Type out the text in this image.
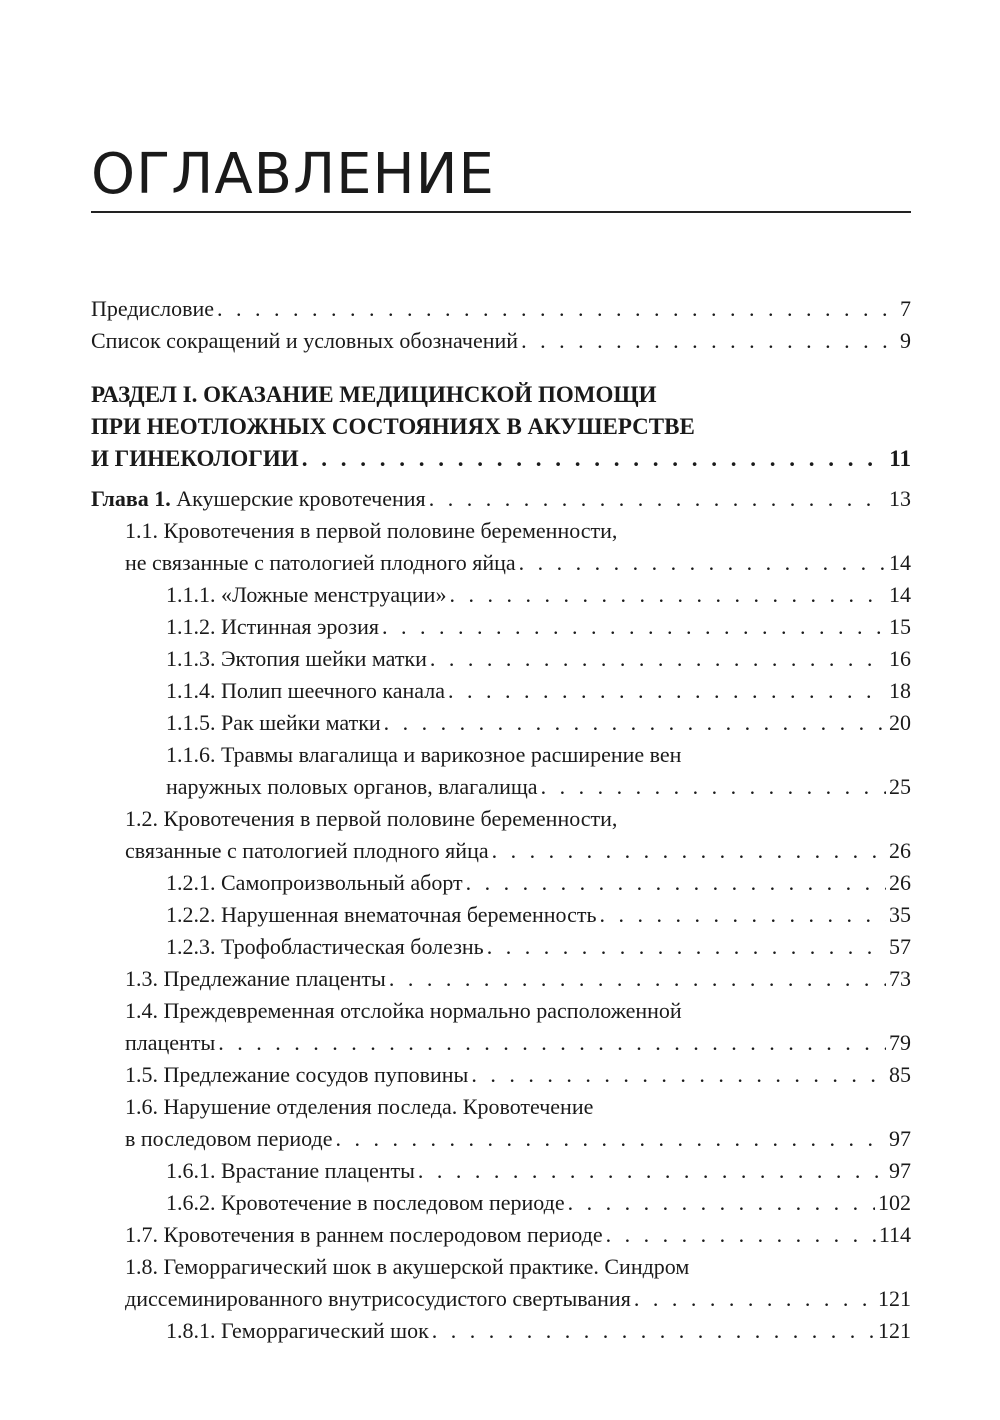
ОГЛАВЛЕНИЕ
Предисловие . . .	7
Список сокращений и условных обозначений . . .	9
РАЗДЕЛ I. ОКАЗАНИЕ МЕДИЦИНСКОЙ ПОМОЩИ
ПРИ НЕОТЛОЖНЫХ СОСТОЯНИЯХ В АКУШЕРСТВЕ
И ГИНЕКОЛОГИИ . . .	11
Глава 1. Акушерские кровотечения . . .	13
1.1. Кровотечения в первой половине беременности,
не связанные с патологией плодного яйца . . .	14
1.1.1. «Ложные менструации» . . .	14
1.1.2. Истинная эрозия . . .	15
1.1.3. Эктопия шейки матки . . .	16
1.1.4. Полип шеечного канала . . .	18
1.1.5. Рак шейки матки . . .	20
1.1.6. Травмы влагалища и варикозное расширение вен
наружных половых органов, влагалища . . .	25
1.2. Кровотечения в первой половине беременности,
связанные с патологией плодного яйца . . .	26
1.2.1. Самопроизвольный аборт . . .	26
1.2.2. Нарушенная внематочная беременность . . .	35
1.2.3. Трофобластическая болезнь . . .	57
1.3. Предлежание плаценты . . .	73
1.4. Преждевременная отслойка нормально расположенной
плаценты . . .	79
1.5. Предлежание сосудов пуповины . . .	85
1.6. Нарушение отделения последа. Кровотечение
в последовом периоде . . .	97
1.6.1. Врастание плаценты . . .	97
1.6.2. Кровотечение в последовом периоде . . .	102
1.7. Кровотечения в раннем послеродовом периоде . . .	114
1.8. Геморрагический шок в акушерской практике. Синдром
диссеминированного внутрисосудистого свертывания . . .	121
1.8.1. Геморрагический шок . . .	121
